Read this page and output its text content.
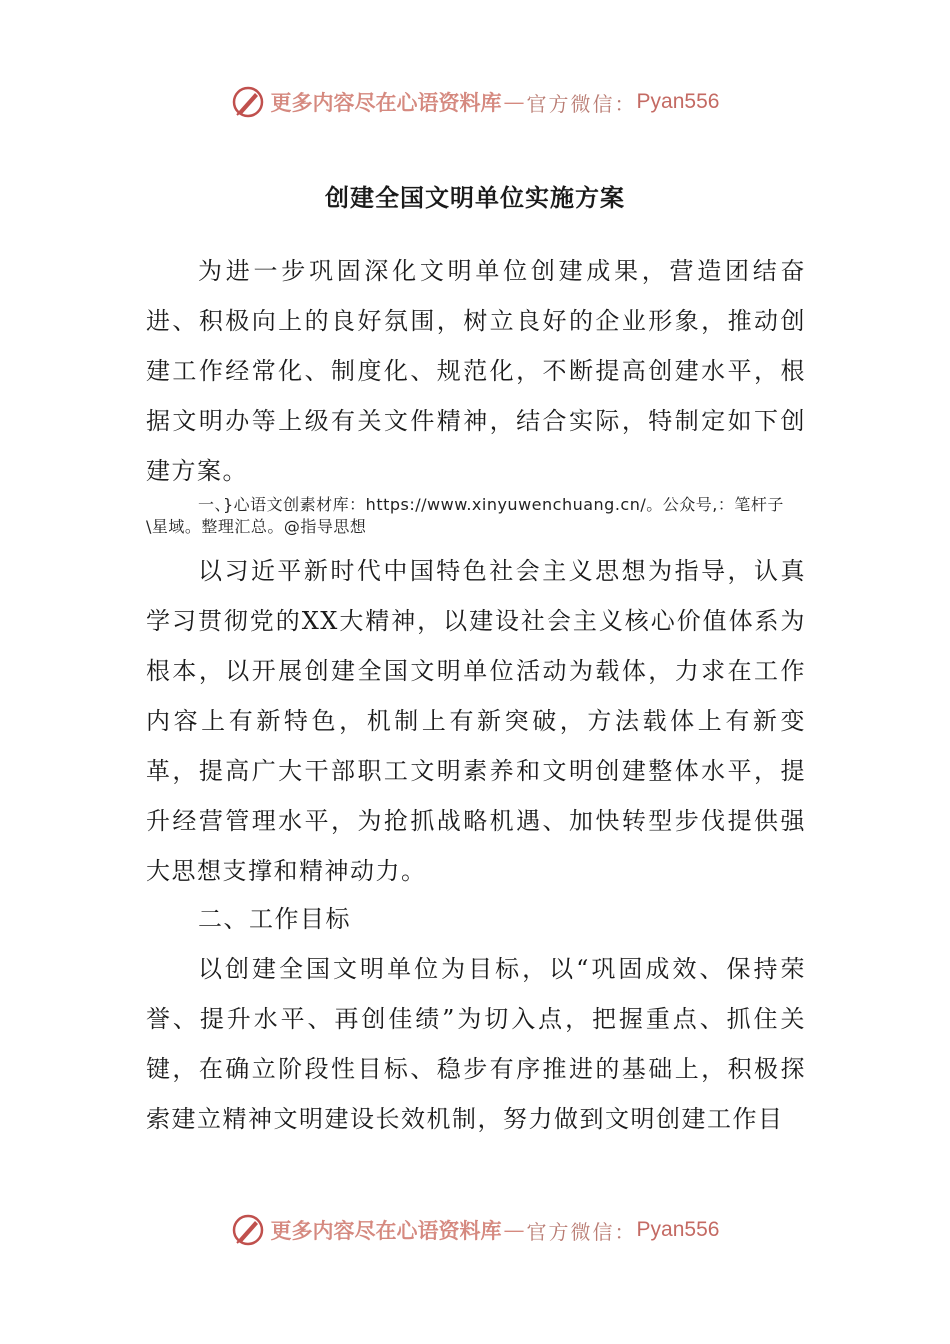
更多内容尽在心语资料库 — 官方微信： Pyan556
创建全国文明单位实施方案

为进一步巩固深化文明单位创建成果，营造团结奋进、积极向上的良好氛围，树立良好的企业形象，推动创建工作经常化、制度化、规范化，不断提高创建水平，根据文明办等上级有关文件精神，结合实际，特制定如下创建方案。

一、}心语文创素材库：https://www.xinyuwenchuang.cn/。公众号,：笔杆子\星域。整理汇总。@指导思想

以习近平新时代中国特色社会主义思想为指导，认真学习贯彻党的XX大精神，以建设社会主义核心价值体系为根本，以开展创建全国文明单位活动为载体，力求在工作内容上有新特色，机制上有新突破，方法载体上有新变革，提高广大干部职工文明素养和文明创建整体水平，提升经营管理水平，为抢抓战略机遇、加快转型步伐提供强大思想支撑和精神动力。

二、工作目标

以创建全国文明单位为目标，以“巩固成效、保持荣誉、提升水平、再创佳绩”为切入点，把握重点、抓住关键，在确立阶段性目标、稳步有序推进的基础上，积极探索建立精神文明建设长效机制，努力做到文明创建工作目

更多内容尽在心语资料库 — 官方微信： Pyan556
